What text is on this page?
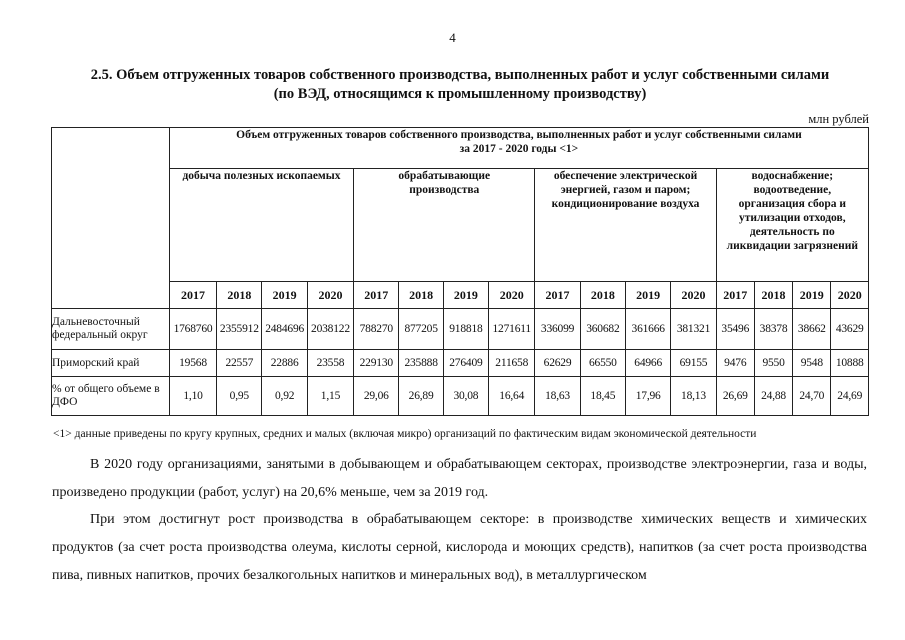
4
2.5. Объем отгруженных товаров собственного производства, выполненных работ и услуг собственными силами
(по ВЭД, относящимся к промышленному производству)
млн рублей

	Объем отгруженных товаров собственного производства, выполненных работ и услуг собственными силами
за 2017 - 2020 годы <1>															

	добыча полезных ископаемых				обрабатывающие производства				обеспечение электрической энергией, газом и паром; кондиционирование воздуха				водоснабжение; водоотведение, организация сбора и утилизации отходов, деятельность по ликвидации загрязнений			
	2017	2018	2019	2020	2017	2018	2019	2020	2017	2018	2019	2020	2017	2018	2019	2020
Дальневосточный федеральный округ	1768760	2355912	2484696	2038122	788270	877205	918818	1271611	336099	360682	361666	381321	35496	38378	38662	43629
Приморский край	19568	22557	22886	23558	229130	235888	276409	211658	62629	66550	64966	69155	9476	9550	9548	10888
% от общего объеме в ДФО	1,10	0,95	0,92	1,15	29,06	26,89	30,08	16,64	18,63	18,45	17,96	18,13	26,69	24,88	24,70	24,69
<1> данные приведены по кругу крупных, средних и малых (включая микро) организаций по фактическим видам экономической деятельности

В 2020 году организациями, занятыми в добывающем и обрабатывающем секторах, производстве электроэнергии, газа и воды, произведено продукции (работ, услуг) на 20,6% меньше, чем за 2019 год.

При этом достигнут рост производства в обрабатывающем секторе: в производстве химических веществ и химических продуктов (за счет роста производства олеума, кислоты серной, кислорода и моющих средств), напитков (за счет роста производства пива, пивных напитков, прочих безалкогольных напитков и минеральных вод), в металлургическом
